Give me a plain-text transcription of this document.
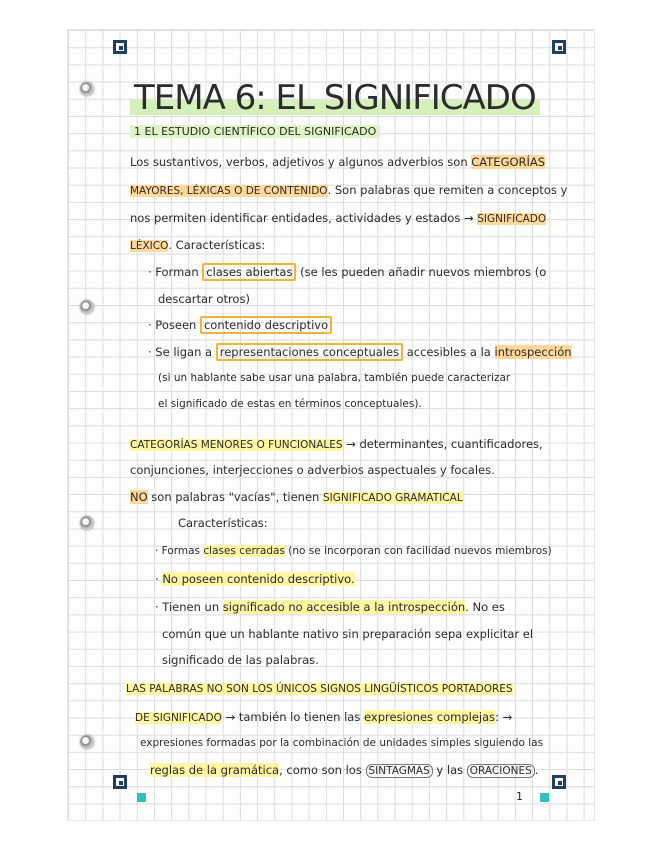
TEMA 6: EL SIGNIFICADO
1 EL ESTUDIO CIENTÍFICO DEL SIGNIFICADO
Los sustantivos, verbos, adjetivos y algunos adverbios son CATEGORÍAS
MAYORES, LÉXICAS O DE CONTENIDO. Son palabras que remiten a conceptos y
nos permiten identificar entidades, actividades y estados → SIGNIFICADO
LÉXICO. Características:
· Forman clases abiertas (se les pueden añadir nuevos miembros (o
descartar otros)
· Poseen contenido descriptivo
· Se ligan a representaciones conceptuales accesibles a la introspección
(si un hablante sabe usar una palabra, también puede caracterizar
el significado de estas en términos conceptuales).
CATEGORÍAS MENORES O FUNCIONALES → determinantes, cuantificadores,
conjunciones, interjecciones o adverbios aspectuales y focales.
NO son palabras "vacías", tienen SIGNIFICADO GRAMATICAL
Características:
· Formas clases cerradas (no se incorporan con facilidad nuevos miembros)
· No poseen contenido descriptivo.
· Tienen un significado no accesible a la introspección. No es
común que un hablante nativo sin preparación sepa explicitar el
significado de las palabras.
LAS PALABRAS NO SON LOS ÚNICOS SIGNOS LINGÜÍSTICOS PORTADORES
DE SIGNIFICADO → también lo tienen las expresiones complejas: →
expresiones formadas por la combinación de unidades simples siguiendo las
reglas de la gramática, como son los SINTAGMAS y las ORACIONES .
1
